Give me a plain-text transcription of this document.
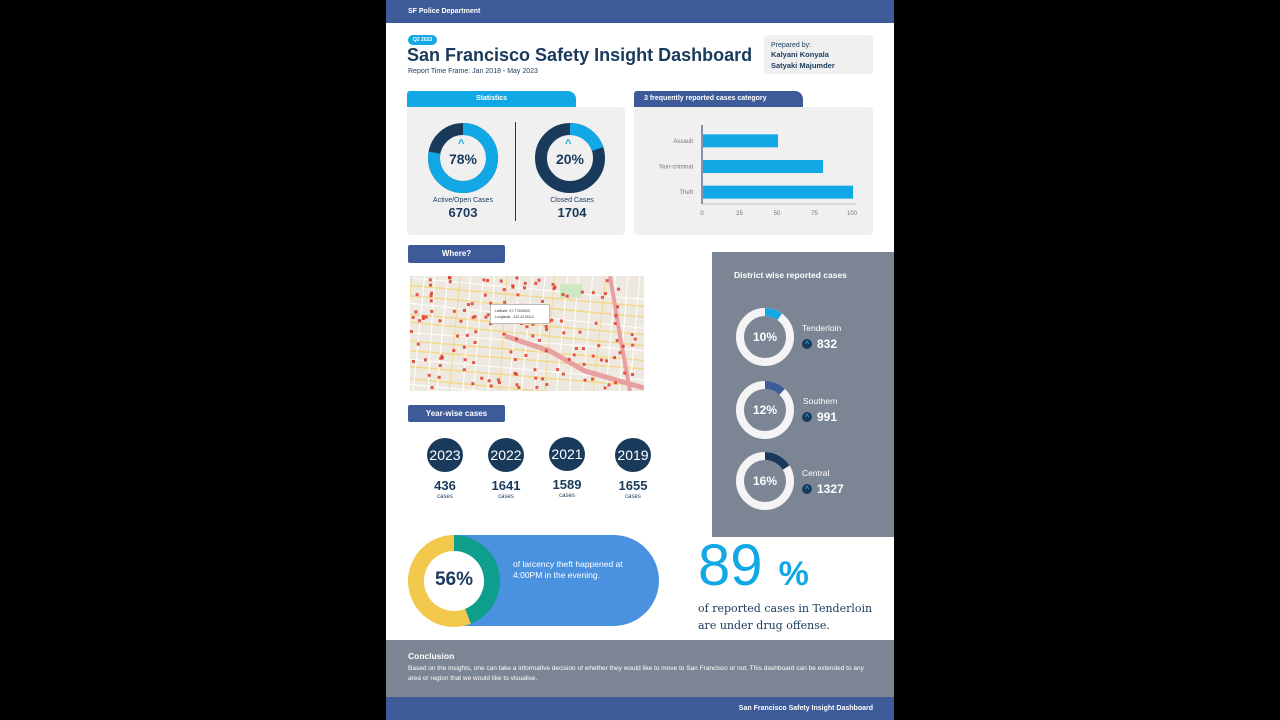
SF Police Department
Q2 2023
San Francisco Safety Insight Dashboard
Report Time Frame: Jan 2018 - May 2023
Prepared by:
Kalyani Konyala
Satyaki Majumder
Statistics
^	^
78%	20%
Active/Open Cases
6703
Closed Cases
1704
3 frequently reported cases category
Assault
Non-criminal
Theft
0	25	50	75	100
Where?
Latitude: 37.77303600,
Longitude: -122.4219412
Year-wise cases
2023
436
cases
2022
1641
cases
2021
1589
cases
2019
1655
cases
District wise reported cases
10%
12%
16%
Tenderloin
Southern
Central
^
^
^
832
991
1327
of larcency theft happened at 4:00PM in the evening.
56%	89 %
of reported cases in Tenderloin are under drug offense.
Conclusion

Based on the insights, one can take a informative decision of whether they would like to move to San Francisco or not. This dashboard can be extended to any area or region that we would like to visualise.

San Francisco Safety Insight Dashboard
